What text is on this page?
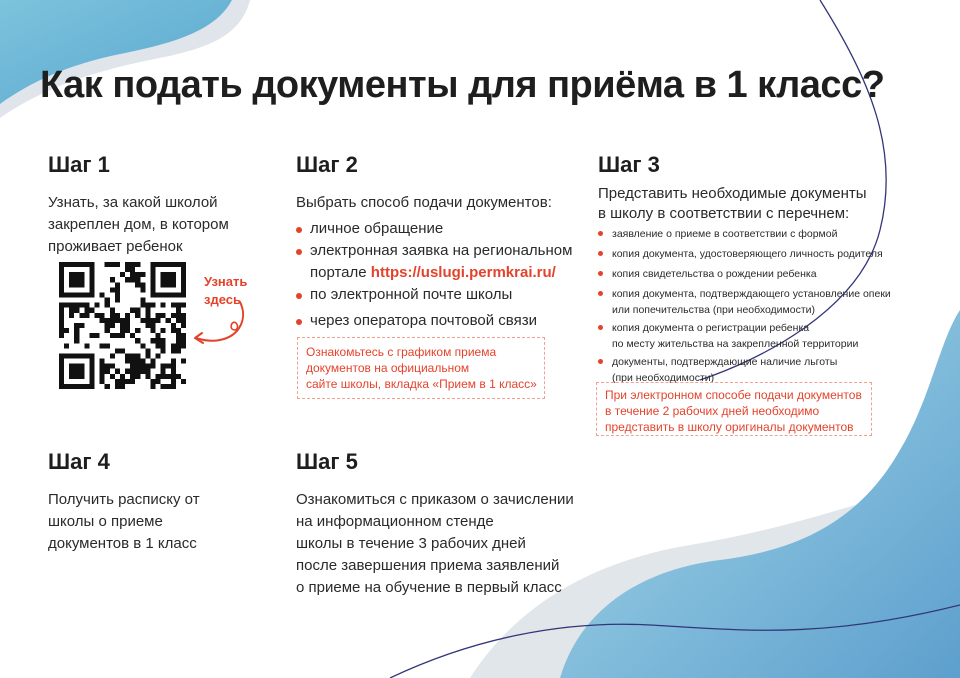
Как подать документы для приёма в 1 класс?
Шаг 1
Узнать, за какой школой
закреплен дом, в котором
проживает ребенок
Узнать
здесь
Шаг 2
Выбрать способ подачи документов:
личное обращение
электронная заявка на региональном
портале https://uslugi.permkrai.ru/
по электронной почте школы
через оператора почтовой связи
Ознакомьтесь с графиком приема
документов на официальном
сайте школы, вкладка «Прием в 1 класс»
Шаг 3
Представить необходимые документы
в школу в соответствии с перечнем:
заявление о приеме в соответствии с формой
копия документа, удостоверяющего личность родителя
копия свидетельства о рождении ребенка
копия документа, подтверждающего установление опеки
или попечительства (при необходимости)
копия документа о регистрации ребенка
по месту жительства на закрепленной территории
документы, подтверждающие наличие льготы
(при необходимости)
При электронном способе подачи документов
в течение 2 рабочих дней необходимо
представить в школу оригиналы документов
Шаг 4
Получить расписку от
школы о приеме
документов в 1 класс
Шаг 5
Ознакомиться с приказом о зачислении
на информационном стенде
школы в течение 3 рабочих дней
после завершения приема заявлений
о приеме на обучение в первый класс
